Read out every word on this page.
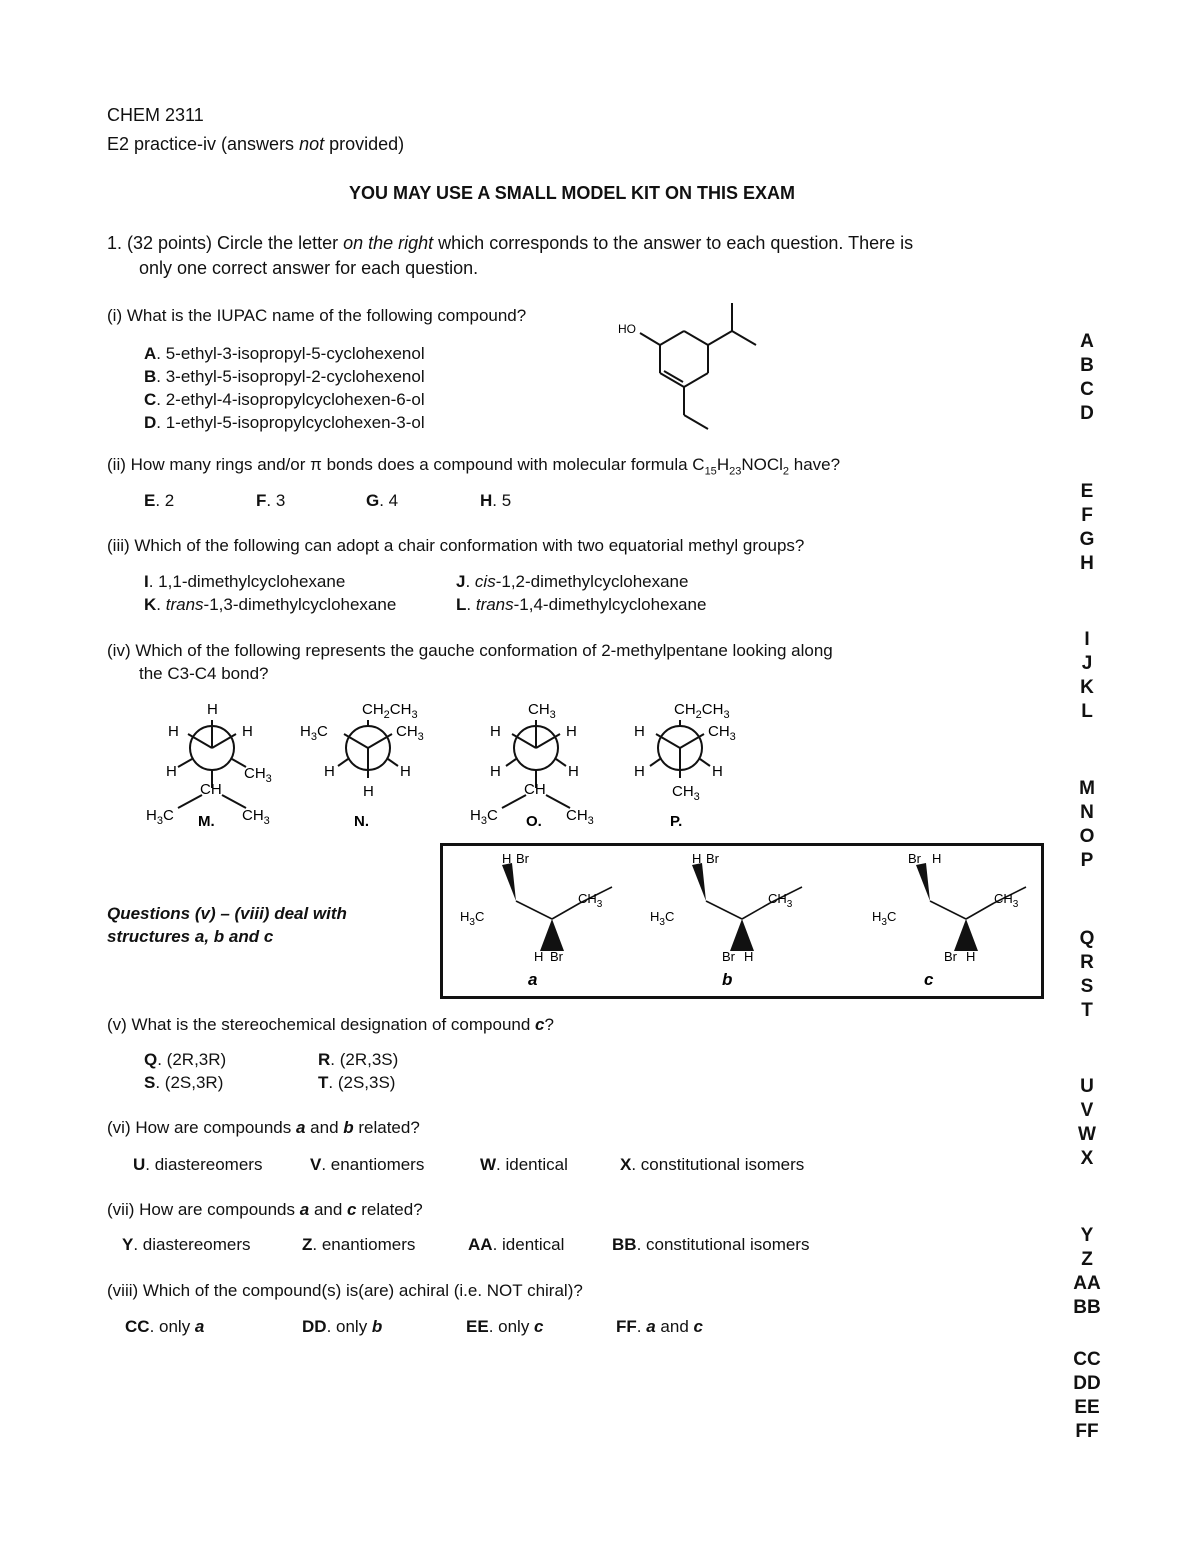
CHEM 2311
E2 practice-iv (answers not provided)
YOU MAY USE A SMALL MODEL KIT ON THIS EXAM
1. (32 points) Circle the letter on the right which corresponds to the answer to each question. There is
only one correct answer for each question.
(i) What is the IUPAC name of the following compound?
A. 5-ethyl-3-isopropyl-5-cyclohexenol
B. 3-ethyl-5-isopropyl-2-cyclohexenol
C. 2-ethyl-4-isopropylcyclohexen-6-ol
D. 1-ethyl-5-isopropylcyclohexen-3-ol
HO
(ii) How many rings and/or π bonds does a compound with molecular formula $C_{15}H_{23}NOCl_2$ have?
E. 2	F. 3	G. 4	H. 5
(iii) Which of the following can adopt a chair conformation with two equatorial methyl groups?
I. 1,1-dimethylcyclohexane	J. cis-1,2-dimethylcyclohexane
K. trans-1,3-dimethylcyclohexane	L. trans-1,4-dimethylcyclohexane
(iv) Which of the following represents the gauche conformation of 2-methylpentane looking along
the C3-C4 bond?
H
H	H
H	$CH_3$
CH
$H_3C$	$CH_3$
M.
$CH_2CH_3$
$H_3C$	$CH_3$
H	H
H
N.
$CH_3$
H	H
H	H
CH
$H_3C$	$CH_3$
O.
$CH_2CH_3$
H	$CH_3$
H	H
$CH_3$
P.
Questions (v) – (viii) deal with
structures a, b and c
H Br
$H_3C$
$CH_3$
H Br
a
H Br
$H_3C$
$CH_3$
Br H
b
Br H
$H_3C$
$CH_3$
Br H
c
(v) What is the stereochemical designation of compound c?
Q. (2R,3R)	R. (2R,3S)
S. (2S,3R)	T. (2S,3S)
(vi) How are compounds a and b related?
U. diastereomers	V. enantiomers	W. identical	X. constitutional isomers
(vii) How are compounds a and c related?
Y. diastereomers	Z. enantiomers	AA. identical	BB. constitutional isomers
(viii) Which of the compound(s) is(are) achiral (i.e. NOT chiral)?
CC. only a	DD. only b	EE. only c	FF. a and c
A
B
C
D
E
F
G
H
I
J
K
L
M
N
O
P
Q
R
S
T
U
V
W
X
Y
Z
AA
BB
CC
DD
EE
FF
